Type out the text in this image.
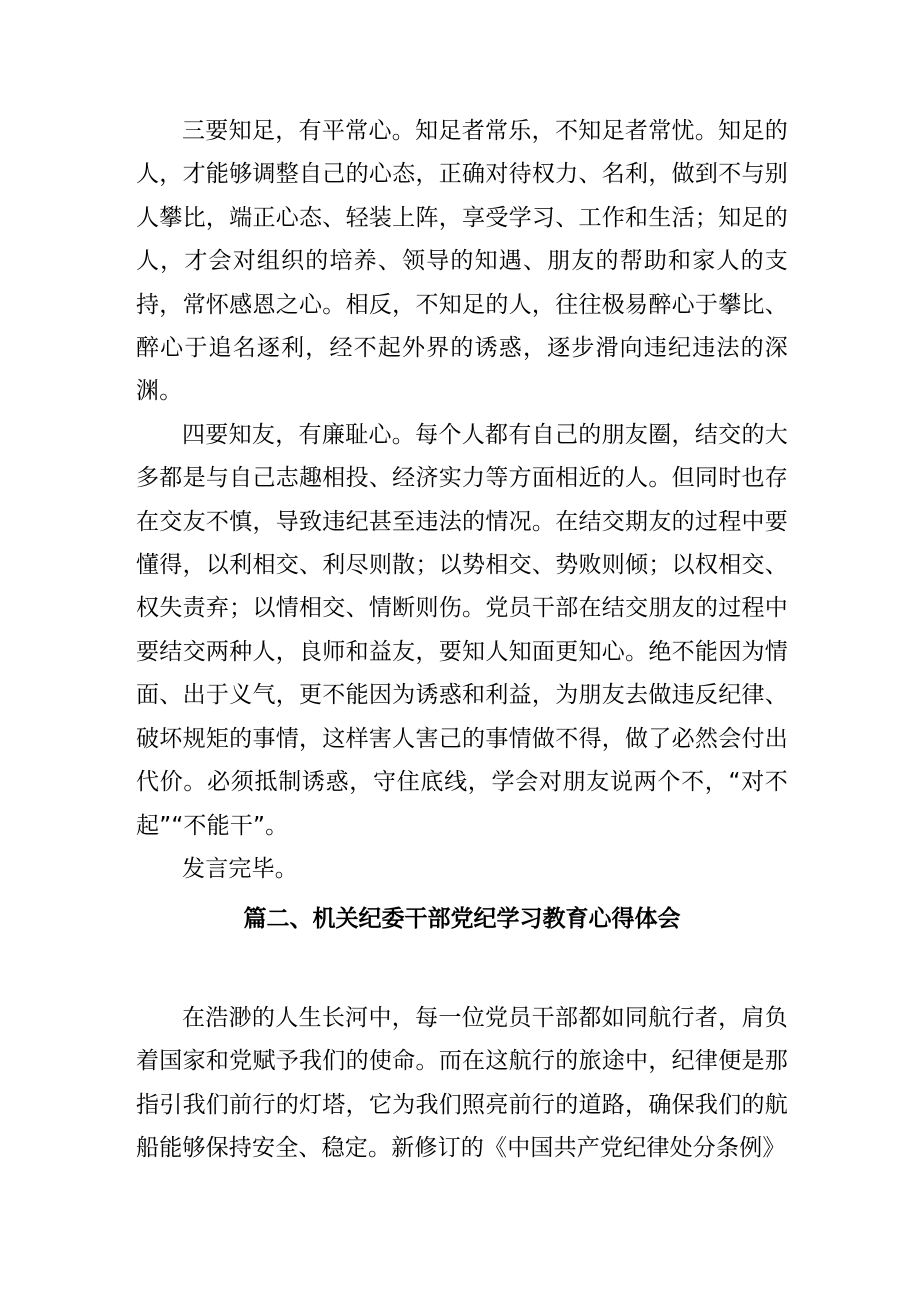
三要知足，有平常心。知足者常乐，不知足者常忧。知足的人，才能够调整自己的心态，正确对待权力、名利，做到不与别人攀比，端正心态、轻装上阵，享受学习、工作和生活；知足的人，才会对组织的培养、领导的知遇、朋友的帮助和家人的支持，常怀感恩之心。相反，不知足的人，往往极易醉心于攀比、醉心于追名逐利，经不起外界的诱惑，逐步滑向违纪违法的深渊。

四要知友，有廉耻心。每个人都有自己的朋友圈，结交的大多都是与自己志趣相投、经济实力等方面相近的人。但同时也存在交友不慎，导致违纪甚至违法的情况。在结交期友的过程中要懂得，以利相交、利尽则散；以势相交、势败则倾；以权相交、权失责弃；以情相交、情断则伤。党员干部在结交朋友的过程中要结交两种人，良师和益友，要知人知面更知心。绝不能因为情面、出于义气，更不能因为诱惑和利益，为朋友去做违反纪律、破坏规矩的事情，这样害人害己的事情做不得，做了必然会付出代价。必须抵制诱惑，守住底线，学会对朋友说两个不，“对不起”“不能干”。

发言完毕。

篇二、机关纪委干部党纪学习教育心得体会

在浩渺的人生长河中，每一位党员干部都如同航行者，肩负着国家和党赋予我们的使命。而在这航行的旅途中，纪律便是那指引我们前行的灯塔，它为我们照亮前行的道路，确保我们的航船能够保持安全、稳定。新修订的《中国共产党纪律处分条例》
